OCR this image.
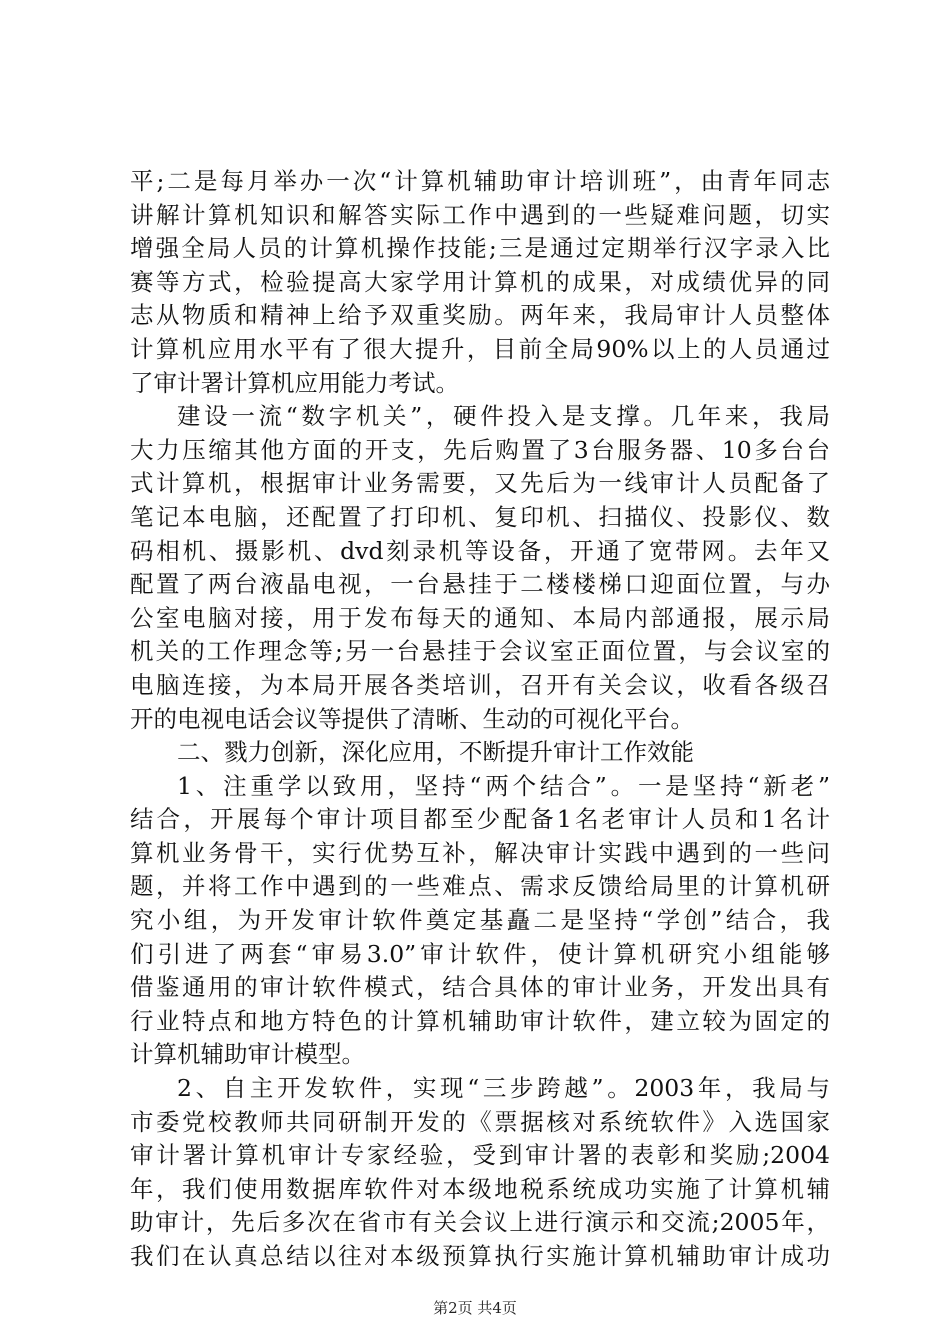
平;二是每月举办一次“计算机辅助审计培训班”，由青年同志
讲解计算机知识和解答实际工作中遇到的一些疑难问题，切实
增强全局人员的计算机操作技能;三是通过定期举行汉字录入比
赛等方式，检验提高大家学用计算机的成果，对成绩优异的同
志从物质和精神上给予双重奖励。两年来，我局审计人员整体
计算机应用水平有了很大提升，目前全局90%以上的人员通过
了审计署计算机应用能力考试。
建设一流“数字机关”，硬件投入是支撑。几年来，我局
大力压缩其他方面的开支，先后购置了3台服务器、10多台台
式计算机，根据审计业务需要，又先后为一线审计人员配备了
笔记本电脑，还配置了打印机、复印机、扫描仪、投影仪、数
码相机、摄影机、dvd刻录机等设备，开通了宽带网。去年又
配置了两台液晶电视，一台悬挂于二楼楼梯口迎面位置，与办
公室电脑对接，用于发布每天的通知、本局内部通报，展示局
机关的工作理念等;另一台悬挂于会议室正面位置，与会议室的
电脑连接，为本局开展各类培训，召开有关会议，收看各级召
开的电视电话会议等提供了清晰、生动的可视化平台。
二、戮力创新，深化应用，不断提升审计工作效能
1、注重学以致用，坚持“两个结合”。一是坚持“新老”
结合，开展每个审计项目都至少配备1名老审计人员和1名计
算机业务骨干，实行优势互补，解决审计实践中遇到的一些问
题，并将工作中遇到的一些难点、需求反馈给局里的计算机研
究小组，为开发审计软件奠定基矗二是坚持“学创”结合，我
们引进了两套“审易3.0”审计软件，使计算机研究小组能够
借鉴通用的审计软件模式，结合具体的审计业务，开发出具有
行业特点和地方特色的计算机辅助审计软件，建立较为固定的
计算机辅助审计模型。
2、自主开发软件，实现“三步跨越”。2003年，我局与
市委党校教师共同研制开发的《票据核对系统软件》入选国家
审计署计算机审计专家经验，受到审计署的表彰和奖励;2004
年，我们使用数据库软件对本级地税系统成功实施了计算机辅
助审计，先后多次在省市有关会议上进行演示和交流;2005年，
我们在认真总结以往对本级预算执行实施计算机辅助审计成功
第2页 共4页
